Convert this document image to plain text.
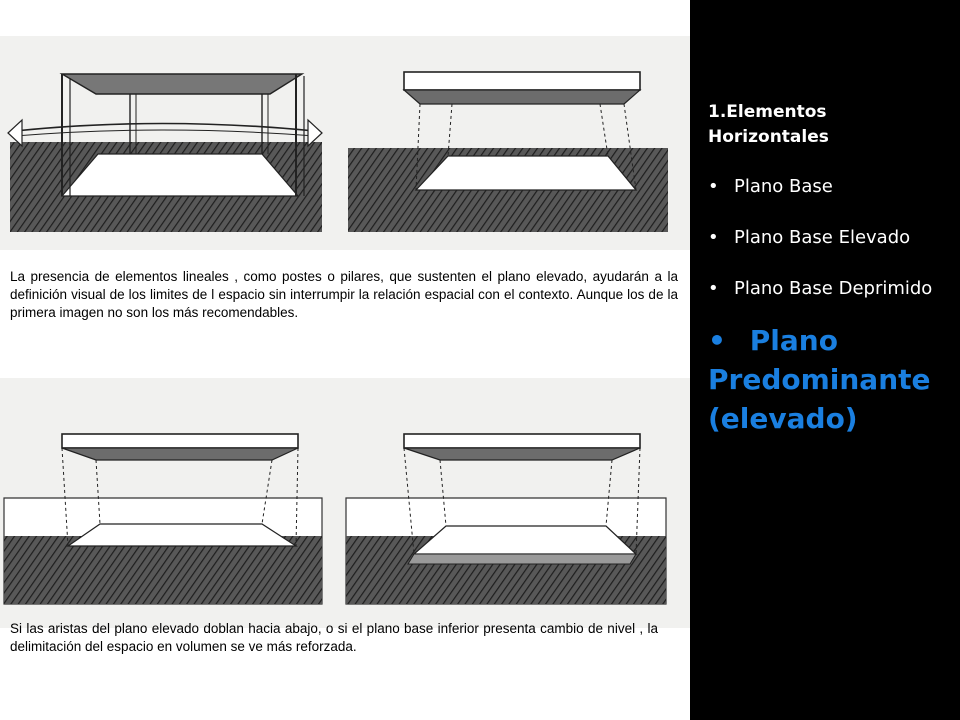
La presencia de elementos lineales , como postes o pilares, que sustenten el plano elevado, ayudarán a la definición visual de los limites de l espacio sin interrumpir la relación espacial con el contexto. Aunque los de la primera imagen no son los más recomendables.
Si las aristas del plano elevado doblan hacia abajo, o si el plano base inferior presenta cambio de nivel , la delimitación del espacio en volumen se ve más reforzada.
1.Elementos Horizontales
• Plano Base
• Plano Base Elevado
• Plano Base Deprimido
• Plano Predominante (elevado)
